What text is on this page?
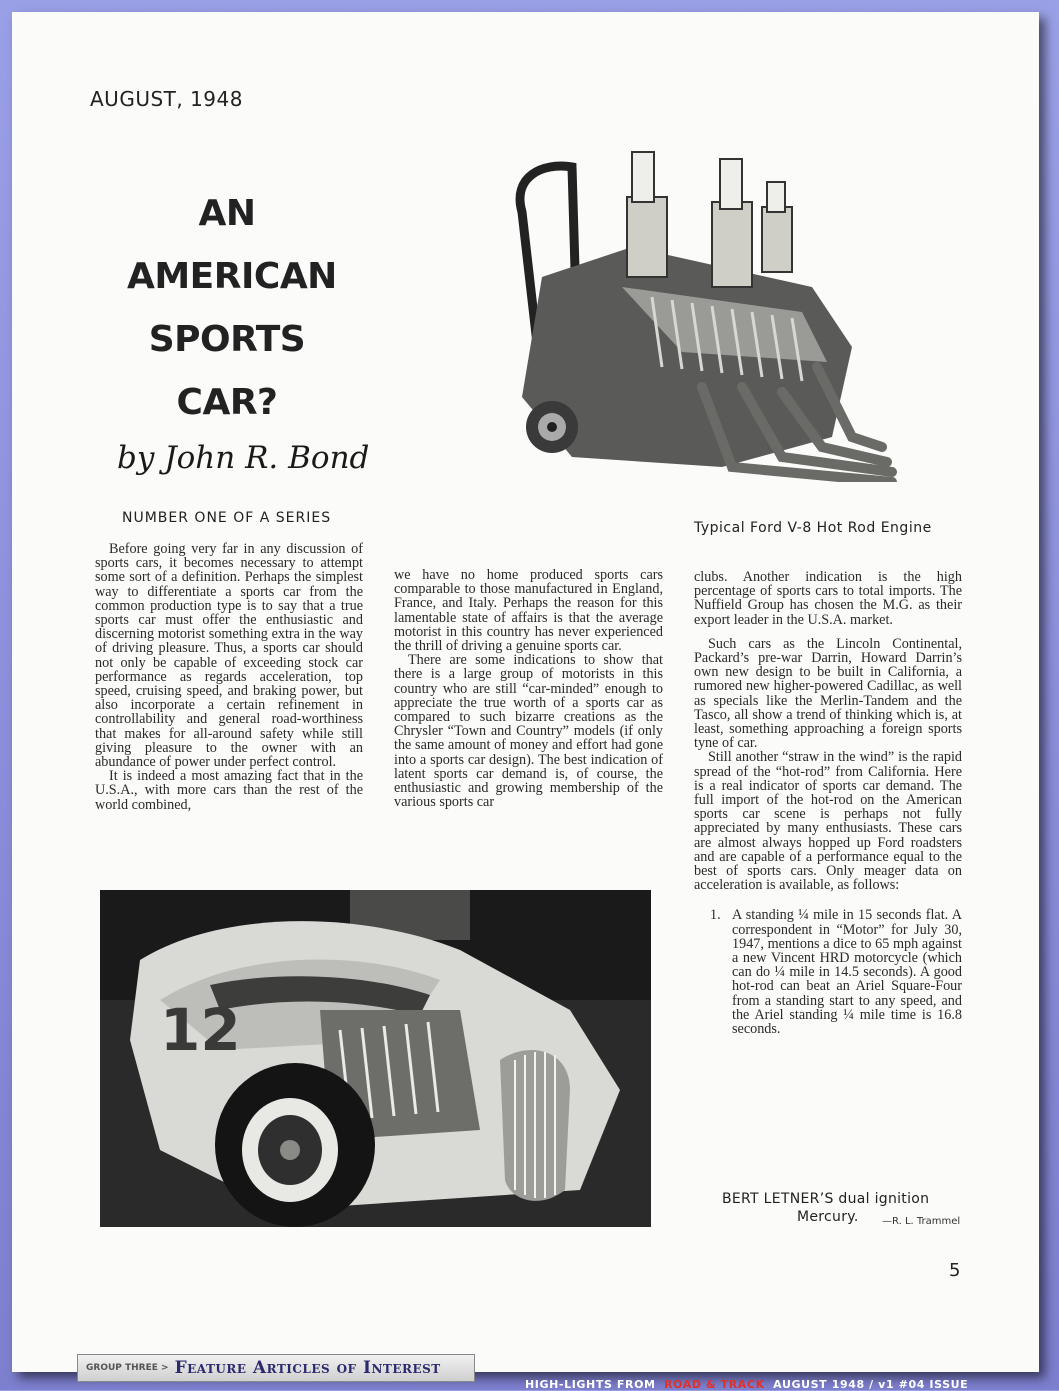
AUGUST, 1948
AN
AMERICAN
SPORTS
CAR?
by John R. Bond
NUMBER ONE OF A SERIES
Typical Ford V-8 Hot Rod Engine

Before going very far in any discussion of sports cars, it becomes necessary to attempt some sort of a definition. Perhaps the simplest way to differentiate a sports car from the common production type is to say that a true sports car must offer the enthusiastic and discerning motorist something extra in the way of driving pleasure. Thus, a sports car should not only be capable of exceeding stock car performance as regards acceleration, top speed, cruising speed, and braking power, but also incorporate a certain refinement in controllability and general road-worthiness that makes for all-around safety while still giving pleasure to the owner with an abundance of power under perfect control.

It is indeed a most amazing fact that in the U.S.A., with more cars than the rest of the world combined,

we have no home produced sports cars comparable to those manufactured in England, France, and Italy. Perhaps the reason for this lamentable state of affairs is that the average motorist in this country has never experienced the thrill of driving a genuine sports car.

There are some indications to show that there is a large group of motorists in this country who are still “car-minded” enough to appreciate the true worth of a sports car as compared to such bizarre creations as the Chrysler “Town and Country” models (if only the same amount of money and effort had gone into a sports car design). The best indication of latent sports car demand is, of course, the enthusiastic and growing membership of the various sports car

clubs. Another indication is the high percentage of sports cars to total imports. The Nuffield Group has chosen the M.G. as their export leader in the U.S.A. market.

Such cars as the Lincoln Continental, Packard’s pre-war Darrin, Howard Darrin’s own new design to be built in California, a rumored new higher-powered Cadillac, as well as specials like the Merlin-Tandem and the Tasco, all show a trend of thinking which is, at least, something approaching a foreign sports tyne of car.

Still another “straw in the wind” is the rapid spread of the “hot-rod” from California. Here is a real indicator of sports car demand. The full import of the hot-rod on the American sports car scene is perhaps not fully appreciated by many enthusiasts. These cars are almost always hopped up Ford roadsters and are capable of a performance equal to the best of sports cars. Only meager data on acceleration is available, as follows:

1. A standing ¼ mile in 15 seconds flat. A correspondent in “Motor” for July 30, 1947, mentions a dice to 65 mph against a new Vincent HRD motorcycle (which can do ¼ mile in 14.5 seconds). A good hot-rod can beat an Ariel Square-Four from a standing start to any speed, and the Ariel standing ¼ mile time is 16.8 seconds.
12
BERT LETNER’S dual ignition
Mercury.	—R. L. Trammel
5
GROUP THREE > Feature Articles of Interest
HIGH-LIGHTS FROM ROAD & TRACK AUGUST 1948 / v1 #04 ISSUE
